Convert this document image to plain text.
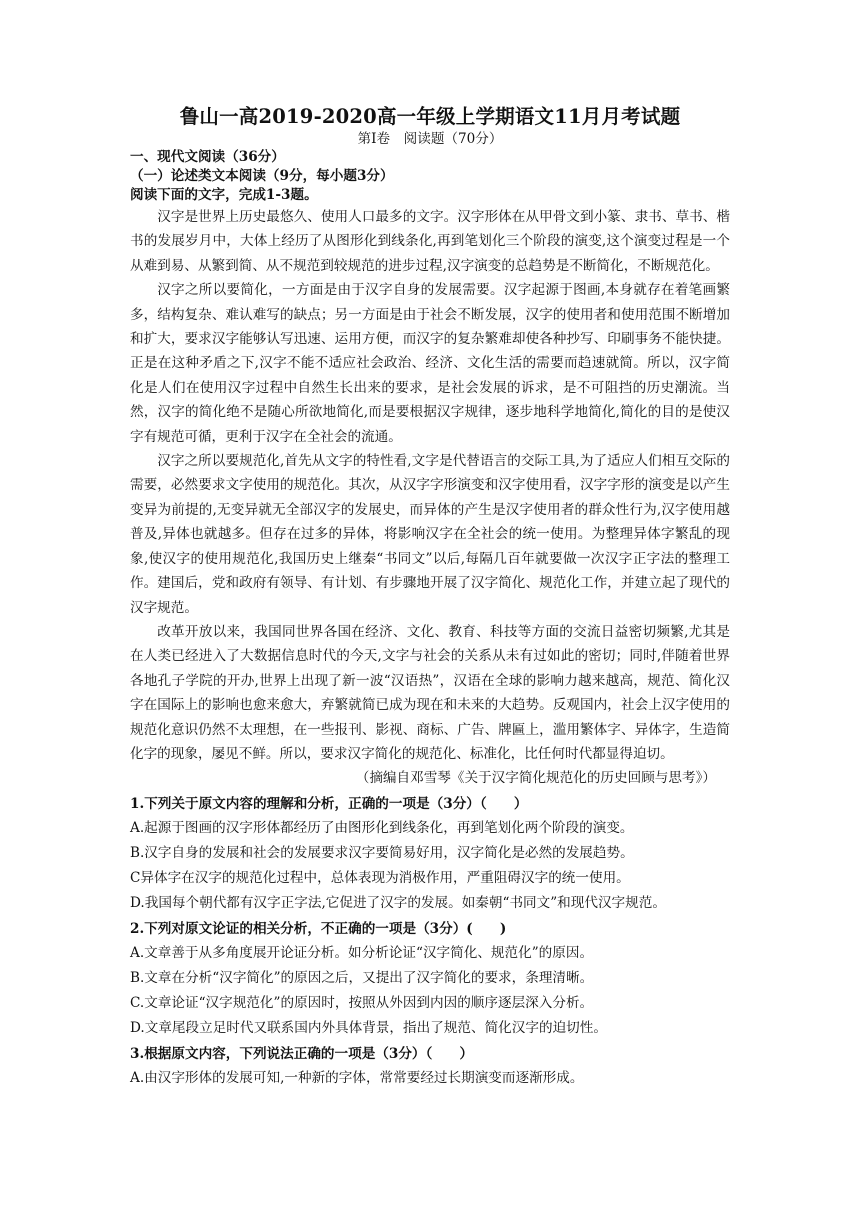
鲁山一高2019-2020高一年级上学期语文11月月考试题
第Ⅰ卷　阅读题（70分）
一、现代文阅读（36分）
（一）论述类文本阅读（9分，每小题3分）
阅读下面的文字，完成1-3题。

汉字是世界上历史最悠久、使用人口最多的文字。汉字形体在从甲骨文到小篆、隶书、草书、楷书的发展岁月中，大体上经历了从图形化到线条化,再到笔划化三个阶段的演变,这个演变过程是一个从难到易、从繁到简、从不规范到较规范的进步过程,汉字演变的总趋势是不断简化，不断规范化。

汉字之所以要简化，一方面是由于汉字自身的发展需要。汉字起源于图画,本身就存在着笔画繁多，结构复杂、难认难写的缺点；另一方面是由于社会不断发展，汉字的使用者和使用范围不断增加和扩大，要求汉字能够认写迅速、运用方便，而汉字的复杂繁难却使各种抄写、印刷事务不能快捷。正是在这种矛盾之下,汉字不能不适应社会政治、经济、文化生活的需要而趋速就简。所以，汉字简化是人们在使用汉字过程中自然生长出来的要求，是社会发展的诉求，是不可阻挡的历史潮流。当然，汉字的简化绝不是随心所欲地简化,而是要根据汉字规律，逐步地科学地简化,简化的目的是使汉字有规范可循，更利于汉字在全社会的流通。

汉字之所以要规范化,首先从文字的特性看,文字是代替语言的交际工具,为了适应人们相互交际的需要，必然要求文字使用的规范化。其次，从汉字字形演变和汉字使用看，汉字字形的演变是以产生变异为前提的,无变异就无全部汉字的发展史，而异体的产生是汉字使用者的群众性行为,汉字使用越普及,异体也就越多。但存在过多的异体，将影响汉字在全社会的统一使用。为整理异体字繁乱的现象,使汉字的使用规范化,我国历史上继秦“书同文”以后,每隔几百年就要做一次汉字正字法的整理工作。建国后，党和政府有领导、有计划、有步骤地开展了汉字简化、规范化工作，并建立起了现代的汉字规范。

改革开放以来，我国同世界各国在经济、文化、教育、科技等方面的交流日益密切频繁,尤其是在人类已经进入了大数据信息时代的今天,文字与社会的关系从未有过如此的密切；同时,伴随着世界各地孔子学院的开办,世界上出现了新一波“汉语热”，汉语在全球的影响力越来越高，规范、简化汉字在国际上的影响也愈来愈大，弃繁就简已成为现在和未来的大趋势。反观国内，社会上汉字使用的规范化意识仍然不太理想，在一些报刊、影视、商标、广告、牌匾上，滥用繁体字、异体字，生造简化字的现象，屡见不鲜。所以，要求汉字简化的规范化、标准化，比任何时代都显得迫切。

（摘编自邓雪琴《关于汉字简化规范化的历史回顾与思考》）

1.下列关于原文内容的理解和分析，正确的一项是（3分）（　　）
A.起源于图画的汉字形体都经历了由图形化到线条化，再到笔划化两个阶段的演变。
B.汉字自身的发展和社会的发展要求汉字要简易好用，汉字简化是必然的发展趋势。
C异体字在汉字的规范化过程中，总体表现为消极作用，严重阻碍汉字的统一使用。
D.我国每个朝代都有汉字正字法,它促进了汉字的发展。如秦朝“书同文”和现代汉字规范。
2.下列对原文论证的相关分析，不正确的一项是（3分）(　　)
A.文章善于从多角度展开论证分析。如分析论证“汉字简化、规范化”的原因。
B.文章在分析“汉字简化”的原因之后，又提出了汉字简化的要求，条理清晰。
C.文章论证“汉字规范化”的原因时，按照从外因到内因的顺序逐层深入分析。
D.文章尾段立足时代又联系国内外具体背景，指出了规范、简化汉字的迫切性。
3.根据原文内容，下列说法正确的一项是（3分）（　　）
A.由汉字形体的发展可知,一种新的字体，常常要经过长期演变而逐渐形成。
